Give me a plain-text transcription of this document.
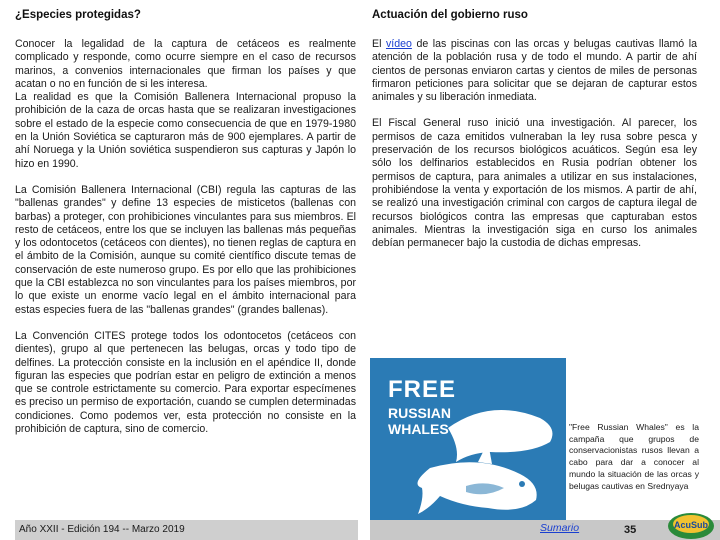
¿Especies protegidas?

Conocer la legalidad de la captura de cetáceos es realmente complicado y responde, como ocurre siempre en el caso de recursos marinos, a convenios internacionales que firman los países y que acatan o no en función de si les interesa.

La realidad es que la Comisión Ballenera Internacional propuso la prohibición de la caza de orcas hasta que se realizaran investigaciones sobre el estado de la especie como consecuencia de que en 1979-1980 en la Unión Soviética se capturaron más de 900 ejemplares. A partir de ahí Noruega y la Unión soviética suspendieron sus capturas y Japón lo hizo en 1990.

La Comisión Ballenera Internacional (CBI) regula las capturas de las "ballenas grandes" y define 13 especies de misticetos (ballenas con barbas) a proteger, con prohibiciones vinculantes para sus miembros. El resto de cetáceos, entre los que se incluyen las ballenas más pequeñas y los odontocetos (cetáceos con dientes), no tienen reglas de captura en el ámbito de la Comisión, aunque su comité científico discute temas de conservación de este numeroso grupo. Es por ello que las prohibiciones que la CBI establezca no son vinculantes para los países miembros, por lo que existe un enorme vacío legal en el ámbito internacional para estas especies fuera de las "ballenas grandes" (grandes ballenas).

La Convención CITES protege todos los odontocetos (cetáceos con dientes), grupo al que pertenecen las belugas, orcas y todo tipo de delfines. La protección consiste en la inclusión en el apéndice II, donde figuran las especies que podrían estar en peligro de extinción a menos que se controle estrictamente su comercio. Para exportar especímenes es preciso un permiso de exportación, cuando se cumplen determinadas condiciones. Como podemos ver, esta protección no consiste en la prohibición de captura, sino de comercio.

Actuación del gobierno ruso

El vídeo de las piscinas con las orcas y belugas cautivas llamó la atención de la población rusa y de todo el mundo. A partir de ahí cientos de personas enviaron cartas y cientos de miles de personas firmaron peticiones para solicitar que se dejaran de capturar estos animales y su liberación inmediata.

El Fiscal General ruso inició una investigación. Al parecer, los permisos de caza emitidos vulneraban la ley rusa sobre pesca y preservación de los recursos biológicos acuáticos. Según esa ley sólo los delfinarios establecidos en Rusia podrían obtener los permisos de captura, para animales a utilizar en sus instalaciones, prohibiéndose la venta y exportación de los mismos. A partir de ahí, se realizó una investigación criminal con cargos de captura ilegal de recursos biológicos contra las empresas que capturaban estos animales. Mientras la investigación siga en curso los animales debían permanecer bajo la custodia de dichas empresas.

FREE
RUSSIAN
WHALES	"Free Russian Whales" es la campaña que grupos de conservacionistas rusos llevan a cabo para dar a conocer al mundo la situación de las orcas y belugas cautivas en Srednyaya
Año XXII - Edición 194 -- Marzo 2019	Sumario	35	AcuSub
